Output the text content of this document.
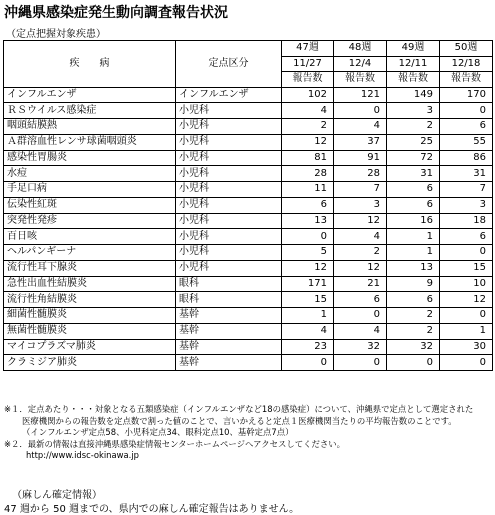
沖縄県感染症発生動向調査報告状況
（定点把握対象疾患）
疾　　病	定点区分	47週	48週	49週	50週
		11/27	12/4	12/11	12/18
		報告数	報告数	報告数	報告数
インフルエンザ	インフルエンザ	102	121	149	170
ＲＳウイルス感染症	小児科	4	0	3	0
咽頭結膜熱	小児科	2	4	2	6
Ａ群溶血性レンサ球菌咽頭炎	小児科	12	37	25	55
感染性胃腸炎	小児科	81	91	72	86
水痘	小児科	28	28	31	31
手足口病	小児科	11	7	6	7
伝染性紅斑	小児科	6	3	6	3
突発性発疹	小児科	13	12	16	18
百日咳	小児科	0	4	1	6
ヘルパンギーナ	小児科	5	2	1	0
流行性耳下腺炎	小児科	12	12	13	15
急性出血性結膜炎	眼科	171	21	9	10
流行性角結膜炎	眼科	15	6	6	12
細菌性髄膜炎	基幹	1	0	2	0
無菌性髄膜炎	基幹	4	4	2	1
マイコプラズマ肺炎	基幹	23	32	32	30
クラミジア肺炎	基幹	0	0	0	0
※１．定点あたり・・・対象となる五類感染症（インフルエンザなど18の感染症）について、沖縄県で定点として選定された
医療機関からの報告数を定点数で割った値のことで、言いかえると定点１医療機関当たりの平均報告数のことです。
（インフルエンザ定点58、小児科定点34、眼科定点10、基幹定点7点）
※２．最新の情報は直接沖縄県感染症情報センターホームページへアクセスしてください。
http://www.idsc-okinawa.jp
（麻しん確定情報）
47 週から 50 週までの、県内での麻しん確定報告はありません。
